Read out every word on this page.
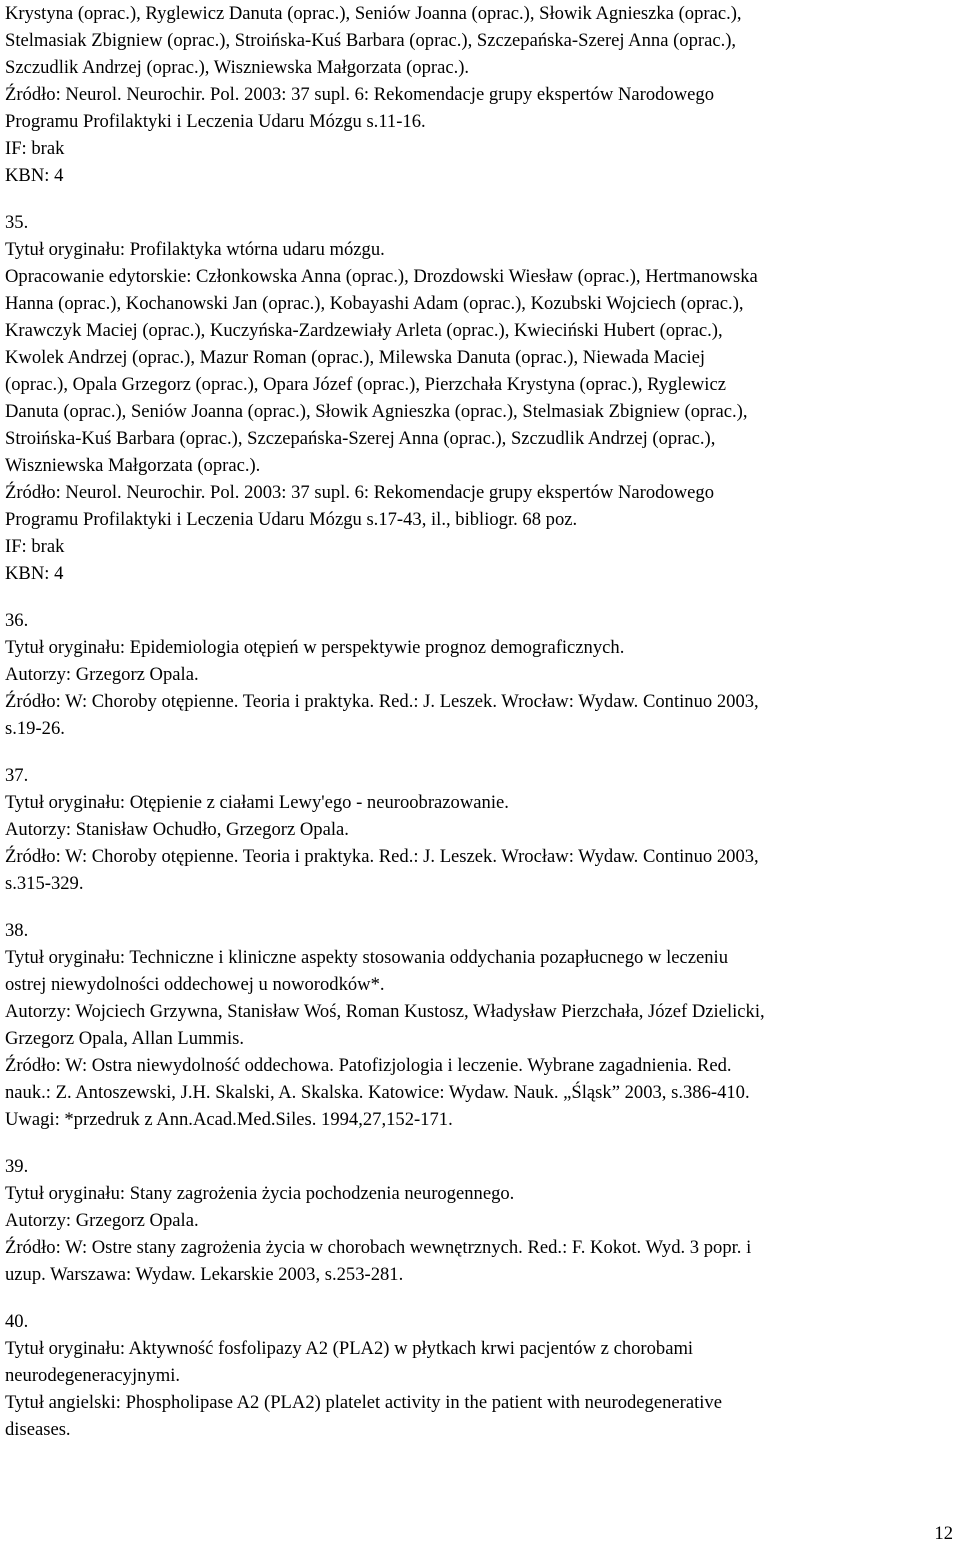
Krystyna (oprac.), Ryglewicz Danuta (oprac.), Seniów Joanna (oprac.), Słowik Agnieszka (oprac.),
Stelmasiak Zbigniew (oprac.), Stroińska-Kuś Barbara (oprac.), Szczepańska-Szerej Anna (oprac.),
Szczudlik Andrzej (oprac.), Wiszniewska Małgorzata (oprac.).
Źródło: Neurol. Neurochir. Pol. 2003: 37 supl. 6: Rekomendacje grupy ekspertów Narodowego
Programu Profilaktyki i Leczenia Udaru Mózgu s.11-16.
IF: brak
KBN: 4
35.
Tytuł oryginału: Profilaktyka wtórna udaru mózgu.
Opracowanie edytorskie: Członkowska Anna (oprac.), Drozdowski Wiesław (oprac.), Hertmanowska
Hanna (oprac.), Kochanowski Jan (oprac.), Kobayashi Adam (oprac.), Kozubski Wojciech (oprac.),
Krawczyk Maciej (oprac.), Kuczyńska-Zardzewiały Arleta (oprac.), Kwieciński Hubert (oprac.),
Kwolek Andrzej (oprac.), Mazur Roman (oprac.), Milewska Danuta (oprac.), Niewada Maciej
(oprac.), Opala Grzegorz (oprac.), Opara Józef (oprac.), Pierzchała Krystyna (oprac.), Ryglewicz
Danuta (oprac.), Seniów Joanna (oprac.), Słowik Agnieszka (oprac.), Stelmasiak Zbigniew (oprac.),
Stroińska-Kuś Barbara (oprac.), Szczepańska-Szerej Anna (oprac.), Szczudlik Andrzej (oprac.),
Wiszniewska Małgorzata (oprac.).
Źródło: Neurol. Neurochir. Pol. 2003: 37 supl. 6: Rekomendacje grupy ekspertów Narodowego
Programu Profilaktyki i Leczenia Udaru Mózgu s.17-43, il., bibliogr. 68 poz.
IF: brak
KBN: 4
36.
Tytuł oryginału: Epidemiologia otępień w perspektywie prognoz demograficznych.
Autorzy: Grzegorz Opala.
Źródło: W: Choroby otępienne. Teoria i praktyka. Red.: J. Leszek. Wrocław: Wydaw. Continuo 2003,
s.19-26.
37.
Tytuł oryginału: Otępienie z ciałami Lewy'ego - neuroobrazowanie.
Autorzy: Stanisław Ochudło, Grzegorz Opala.
Źródło: W: Choroby otępienne. Teoria i praktyka. Red.: J. Leszek. Wrocław: Wydaw. Continuo 2003,
s.315-329.
38.
Tytuł oryginału: Techniczne i kliniczne aspekty stosowania oddychania pozapłucnego w leczeniu
ostrej niewydolności oddechowej u noworodków*.
Autorzy: Wojciech Grzywna, Stanisław Woś, Roman Kustosz, Władysław Pierzchała, Józef Dzielicki,
Grzegorz Opala, Allan Lummis.
Źródło: W: Ostra niewydolność oddechowa. Patofizjologia i leczenie. Wybrane zagadnienia. Red.
nauk.: Z. Antoszewski, J.H. Skalski, A. Skalska. Katowice: Wydaw. Nauk. „Śląsk” 2003, s.386-410.
Uwagi: *przedruk z Ann.Acad.Med.Siles. 1994,27,152-171.
39.
Tytuł oryginału: Stany zagrożenia życia pochodzenia neurogennego.
Autorzy: Grzegorz Opala.
Źródło: W: Ostre stany zagrożenia życia w chorobach wewnętrznych. Red.: F. Kokot. Wyd. 3 popr. i
uzup. Warszawa: Wydaw. Lekarskie 2003, s.253-281.
40.
Tytuł oryginału: Aktywność fosfolipazy A2 (PLA2) w płytkach krwi pacjentów z chorobami
neurodegeneracyjnymi.
Tytuł angielski: Phospholipase A2 (PLA2) platelet activity in the patient with neurodegenerative
diseases.
12
